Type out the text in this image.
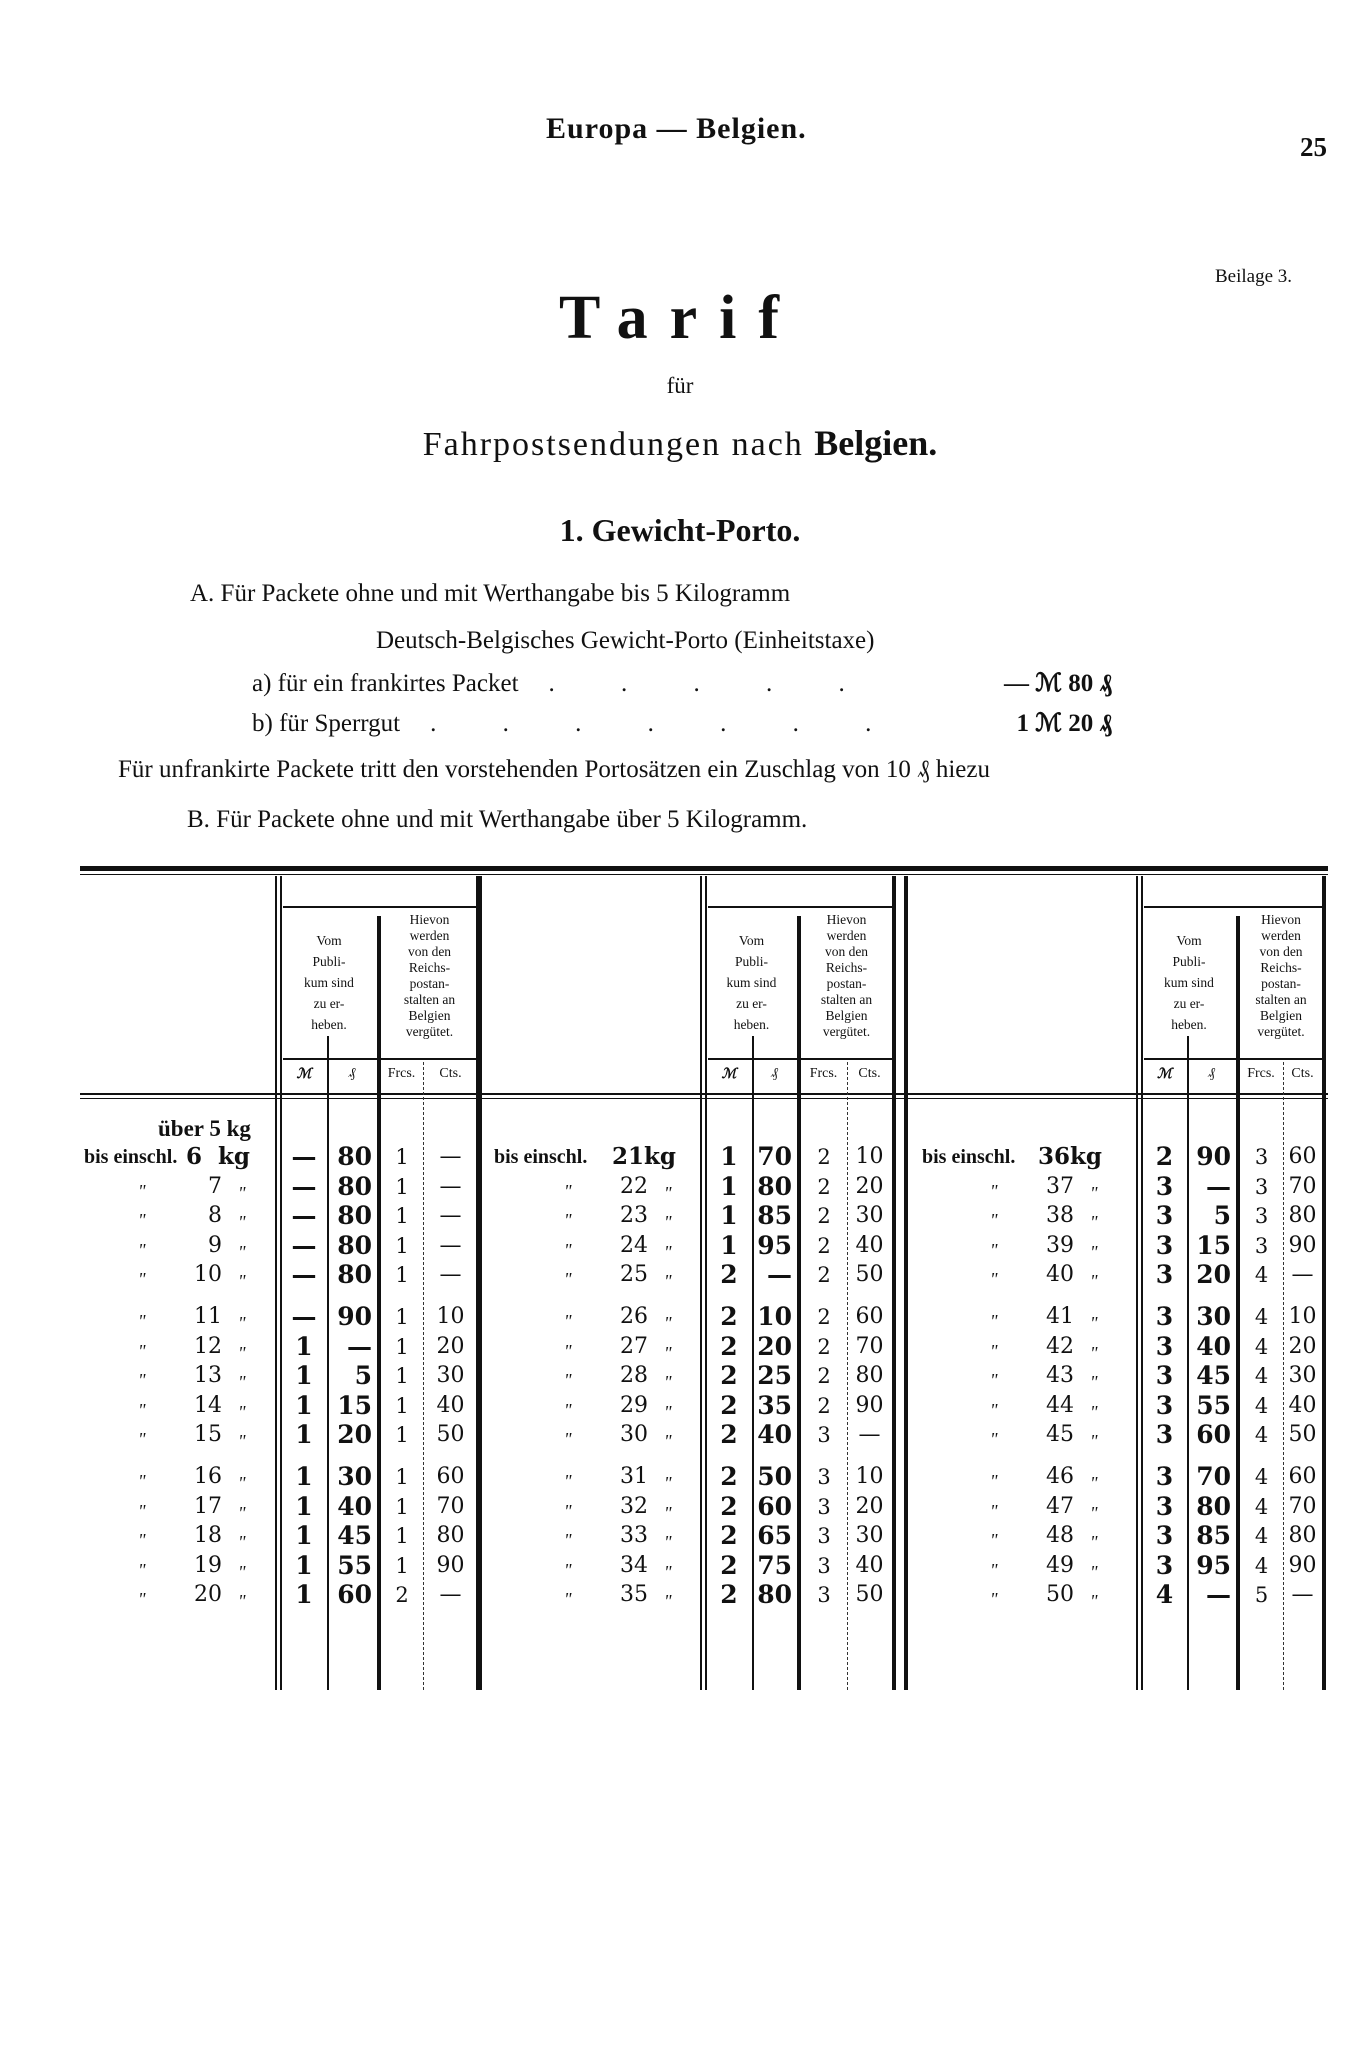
Europa — Belgien.
25
Beilage 3.
Tarif
für
Fahrpostsendungen nach Belgien.
1. Gewicht-Porto.
A. Für Packete ohne und mit Werthangabe bis 5 Kilogramm
Deutsch-Belgisches Gewicht-Porto (Einheitstaxe)
a) für ein frankirtes Packet	. . . . .	— ℳ 80 ₰
b) für Sperrgut	. . . . . . .	1 ℳ 20 ₰
Für unfrankirte Packete tritt den vorstehenden Portosätzen ein Zuschlag von 10 ₰ hiezu
B. Für Packete ohne und mit Werthangabe über 5 Kilogramm.
Vom
Publi-
kum sind
zu er-
heben.
Hievon
werden
von den
Reichs-
postan-
stalten an
Belgien
vergütet.
ℳ	₰	Frcs.	Cts.
über 5 kg
bis einschl. 6 kg	— 80	1	—
"	7 "	— 80	1	—
"	8 "	— 80	1	—
"	9 "	— 80	1	—
"	10 "	— 80	1	—
"	11 "	— 90	1	10
"	12 "	1	—	1	20
"	13 "	1	5	1	30
"	14 "	1 15	1	40
"	15 "	1 20	1	50
"	16 "	1 30	1	60
"	17 "	1 40	1	70
"	18 "	1 45	1	80
"	19 "	1 55	1	90
"	20 "	1 60	2	—
Vom
Publi-
kum sind
zu er-
heben.
Hievon
werden
von den
Reichs-
postan-
stalten an
Belgien
vergütet.
ℳ	₰	Frcs.	Cts.
bis einschl. 21 kg	1 70	2	10
"	22 "	1 80	2	20
"	23 "	1 85	2	30
"	24 "	1 95	2	40
"	25 "	2	—	2	50
"	26 "	2 10	2	60
"	27 "	2 20	2	70
"	28 "	2 25	2	80
"	29 "	2 35	2	90
"	30 "	2 40	3	—
"	31 "	2 50	3	10
"	32 "	2 60	3	20
"	33 "	2 65	3	30
"	34 "	2 75	3	40
"	35 "	2 80	3	50
Vom
Publi-
kum sind
zu er-
heben.
Hievon
werden
von den
Reichs-
postan-
stalten an
Belgien
vergütet.
ℳ	₰	Frcs.	Cts.
bis einschl. 36 kg	2 90	3 60
"	37 "	3	—	3 70
"	38 "	3	5	3 80
"	39 "	3 15	3 90
"	40 "	3 20	4	—
"	41 "	3 30	4 10
"	42 "	3 40	4 20
"	43 "	3 45	4 30
"	44 "	3 55	4 40
"	45 "	3 60	4 50
"	46 "	3 70	4 60
"	47 "	3 80	4 70
"	48 "	3 85	4 80
"	49 "	3 95	4 90
"	50 "	4	—	5	—
